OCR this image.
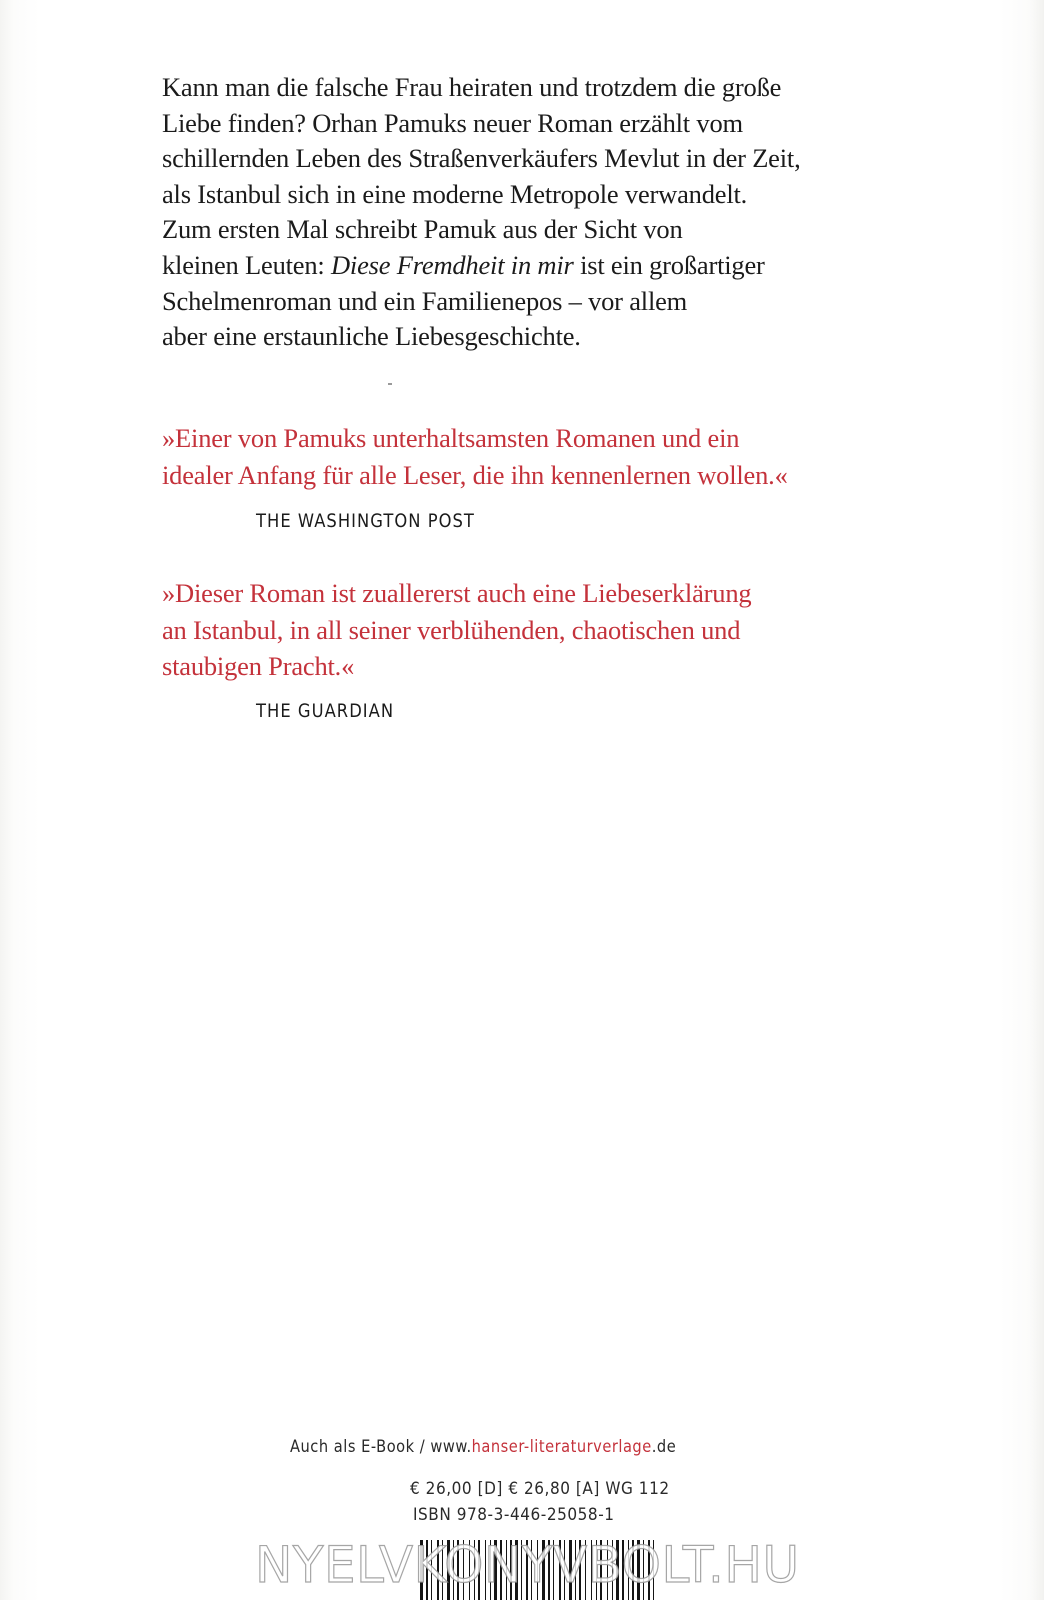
Kann man die falsche Frau heiraten und trotzdem die große
Liebe finden? Orhan Pamuks neuer Roman erzählt vom
schillernden Leben des Straßenverkäufers Mevlut in der Zeit,
als Istanbul sich in eine moderne Metropole verwandelt.
Zum ersten Mal schreibt Pamuk aus der Sicht von
kleinen Leuten: Diese Fremdheit in mir ist ein großartiger
Schelmenroman und ein Familienepos – vor allem
aber eine erstaunliche Liebesgeschichte.
»Einer von Pamuks unterhaltsamsten Romanen und ein
idealer Anfang für alle Leser, die ihn kennenlernen wollen.«
THE WASHINGTON POST
»Dieser Roman ist zuallererst auch eine Liebeserklärung
an Istanbul, in all seiner verblühenden, chaotischen und
staubigen Pracht.«
THE GUARDIAN
Auch als E-Book / www.hanser-literaturverlage.de
€ 26,00 [D] € 26,80 [A] WG 112
ISBN 978-3-446-25058-1
NYELVKONYVBOLT.HU
